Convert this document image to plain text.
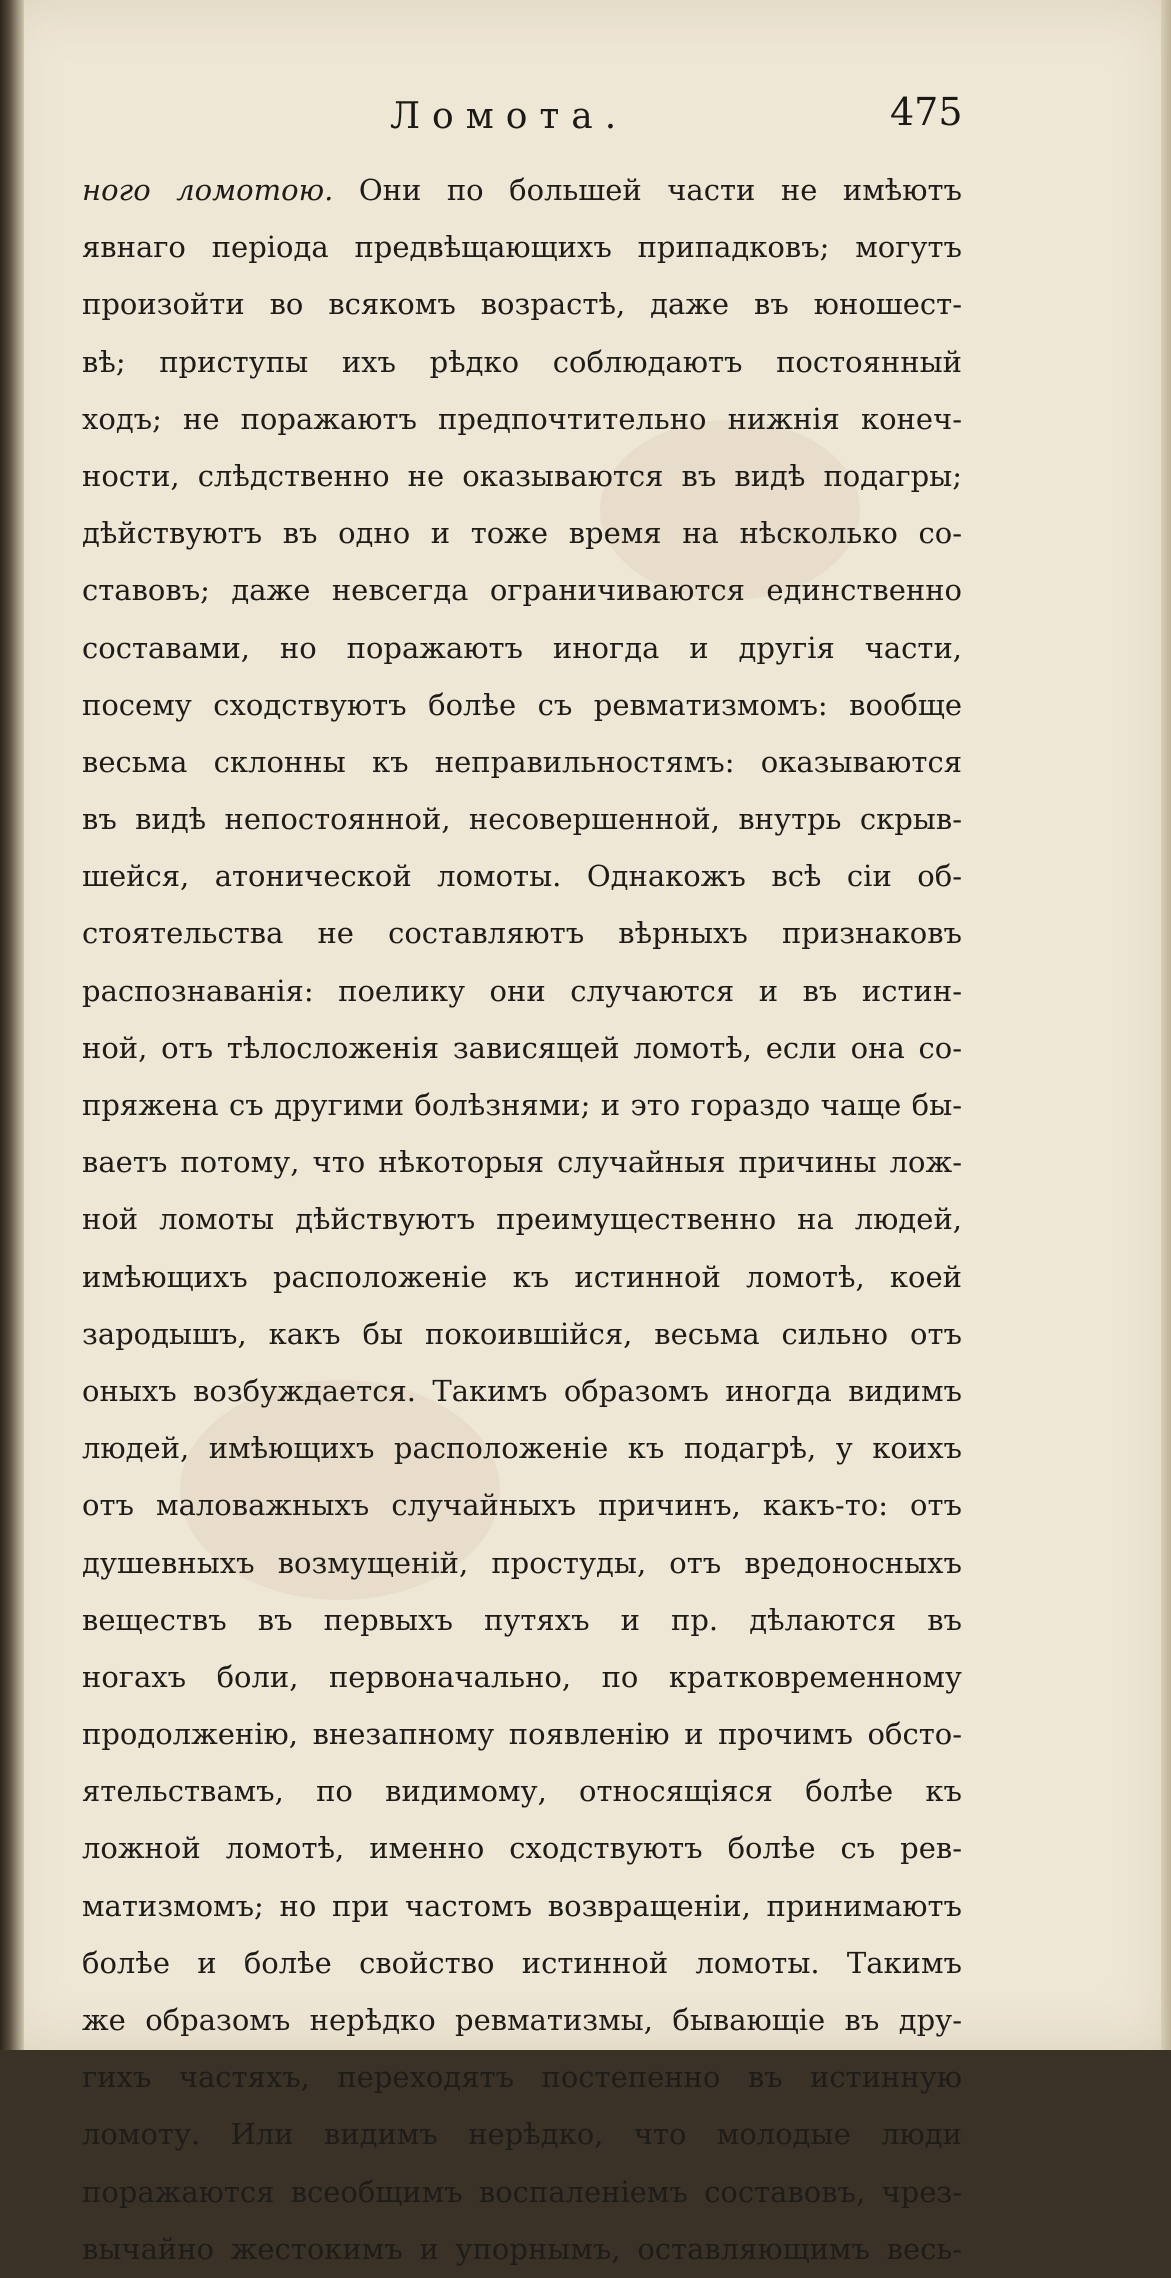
Ломота.	475
ного ломотою. Они по большей части не имѣютъ
явнаго періода предвѣщающихъ припадковъ; могутъ
произойти во всякомъ возрастѣ, даже въ юношест-
вѣ; приступы ихъ рѣдко соблюдаютъ постоянный
ходъ; не поражаютъ предпочтительно нижнія конеч-
ности, слѣдственно не оказываются въ видѣ подагры;
дѣйствуютъ въ одно и тоже время на нѣсколько со-
ставовъ; даже невсегда ограничиваются единственно
составами, но поражаютъ иногда и другія части,
посему сходствуютъ болѣе съ ревматизмомъ: вообще
весьма склонны къ неправильностямъ: оказываются
въ видѣ непостоянной, несовершенной, внутрь скрыв-
шейся, атонической ломоты. Однакожъ всѣ сіи об-
стоятельства не составляютъ вѣрныхъ признаковъ
распознаванія: поелику они случаются и въ истин-
ной, отъ тѣлосложенія зависящей ломотѣ, если она со-
пряжена съ другими болѣзнями; и это гораздо чаще бы-
ваетъ потому, что нѣкоторыя случайныя причины лож-
ной ломоты дѣйствуютъ преимущественно на людей,
имѣющихъ расположеніе къ истинной ломотѣ, коей
зародышъ, какъ бы покоившійся, весьма сильно отъ
оныхъ возбуждается. Такимъ образомъ иногда видимъ
людей, имѣющихъ расположеніе къ подагрѣ, у коихъ
отъ маловажныхъ случайныхъ причинъ, какъ-то: отъ
душевныхъ возмущеній, простуды, отъ вредоносныхъ
веществъ въ первыхъ путяхъ и пр. дѣлаются въ
ногахъ боли, первоначально, по кратковременному
продолженію, внезапному появленію и прочимъ обсто-
ятельствамъ, по видимому, относящіяся болѣе къ
ложной ломотѣ, именно сходствуютъ болѣе съ рев-
матизмомъ; но при частомъ возвращеніи, принимаютъ
болѣе и болѣе свойство истинной ломоты. Такимъ
же образомъ нерѣдко ревматизмы, бывающіе въ дру-
гихъ частяхъ, переходятъ постепенно въ истинную
ломоту. Или видимъ нерѣдко, что молодые люди
поражаются всеобщимъ воспаленіемъ составовъ, чрез-
вычайно жестокимъ и упорнымъ, оставляющимъ весь-
